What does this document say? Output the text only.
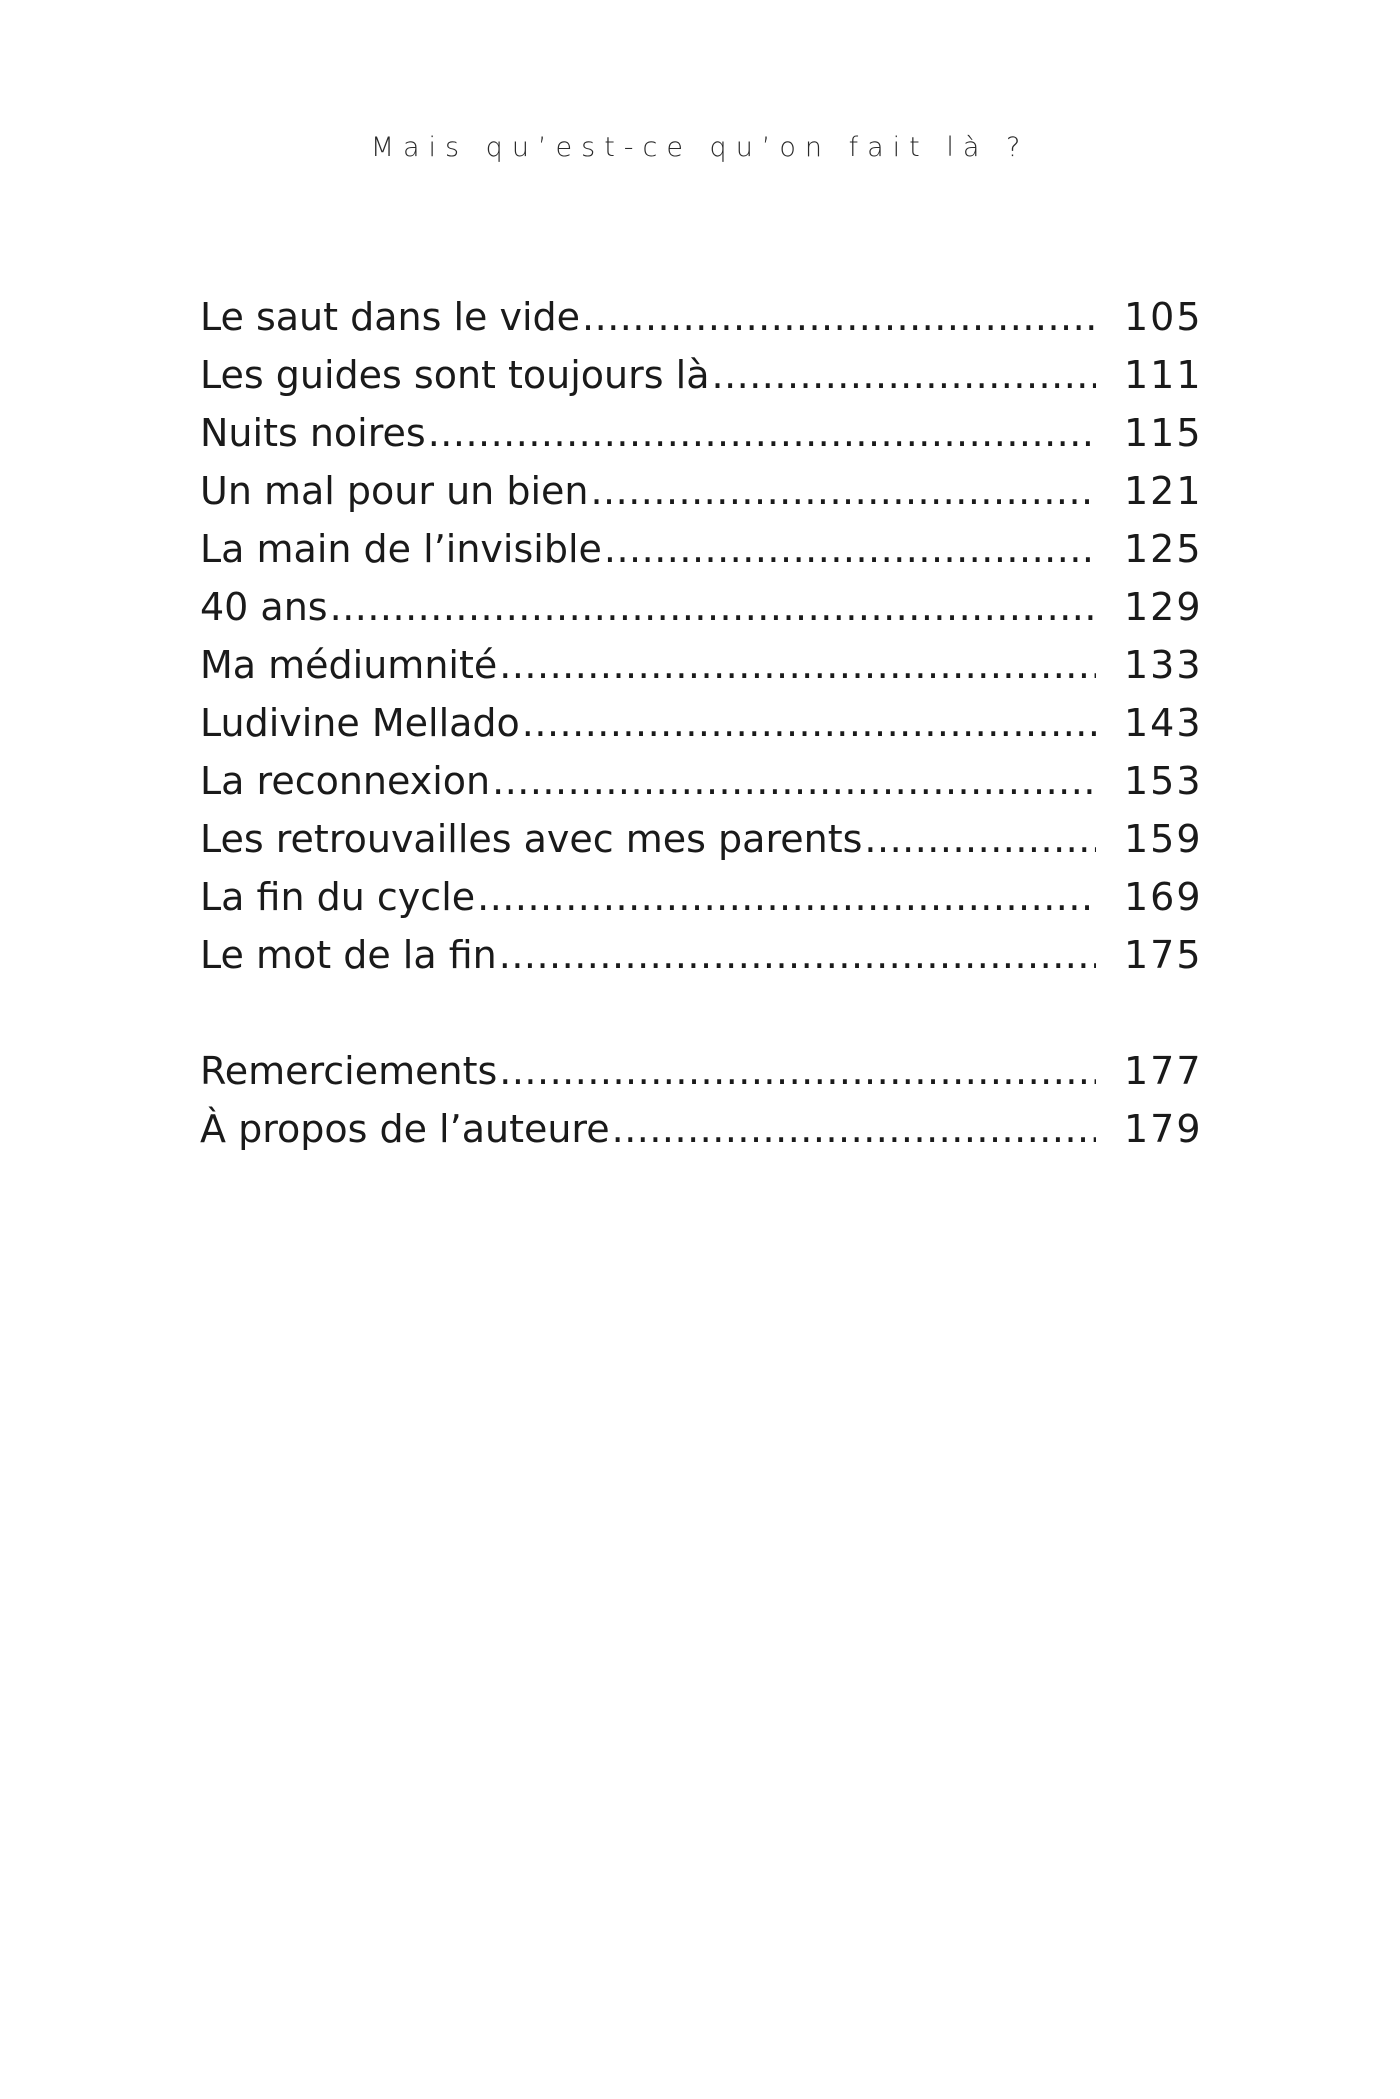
Mais qu’est-ce qu’on fait là ?
Le saut dans le vide .....	105
Les guides sont toujours là .....	111
Nuits noires .....	115
Un mal pour un bien .....	121
La main de l’invisible .....	125
40 ans .....	129
Ma médiumnité .....	133
Ludivine Mellado .....	143
La reconnexion .....	153
Les retrouvailles avec mes parents .....	159
La fin du cycle .....	169
Le mot de la fin .....	175
Remerciements .....	177
À propos de l’auteure .....	179
